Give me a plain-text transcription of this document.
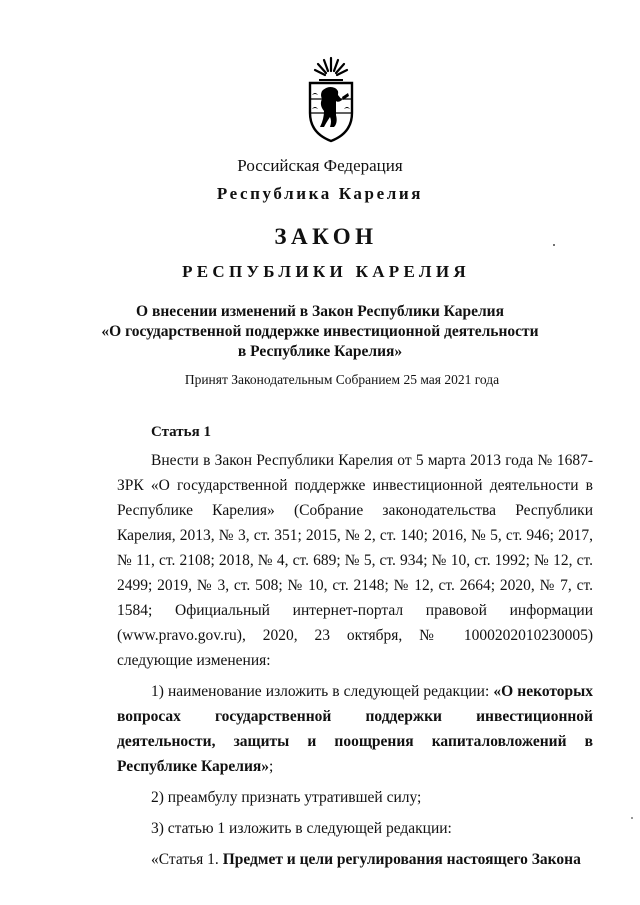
Российская Федерация
Республика Карелия
ЗАКОН
РЕСПУБЛИКИ КАРЕЛИЯ
О внесении изменений в Закон Республики Карелия
«О государственной поддержке инвестиционной деятельности
в Республике Карелия»
Принят Законодательным Собранием 25 мая 2021 года
Статья 1

Внести в Закон Республики Карелия от 5 марта 2013 года № 1687-ЗРК «О государственной поддержке инвестиционной деятельности в Республике Карелия» (Собрание законодательства Республики Карелия, 2013, № 3, ст. 351; 2015, № 2, ст. 140; 2016, № 5, ст. 946; 2017, № 11, ст. 2108; 2018, № 4, ст. 689; № 5, ст. 934; № 10, ст. 1992; № 12, ст. 2499; 2019, № 3, ст. 508; № 10, ст. 2148; № 12, ст. 2664; 2020, № 7, ст. 1584; Официальный интернет-портал правовой информации (www.pravo.gov.ru), 2020, 23 октября, № 1000202010230005) следующие изменения:

1) наименование изложить в следующей редакции: «О некоторых вопросах государственной поддержки инвестиционной деятельности, защиты и поощрения капиталовложений в Республике Карелия»;

2) преамбулу признать утратившей силу;

3) статью 1 изложить в следующей редакции:

«Статья 1. Предмет и цели регулирования настоящего Закона
